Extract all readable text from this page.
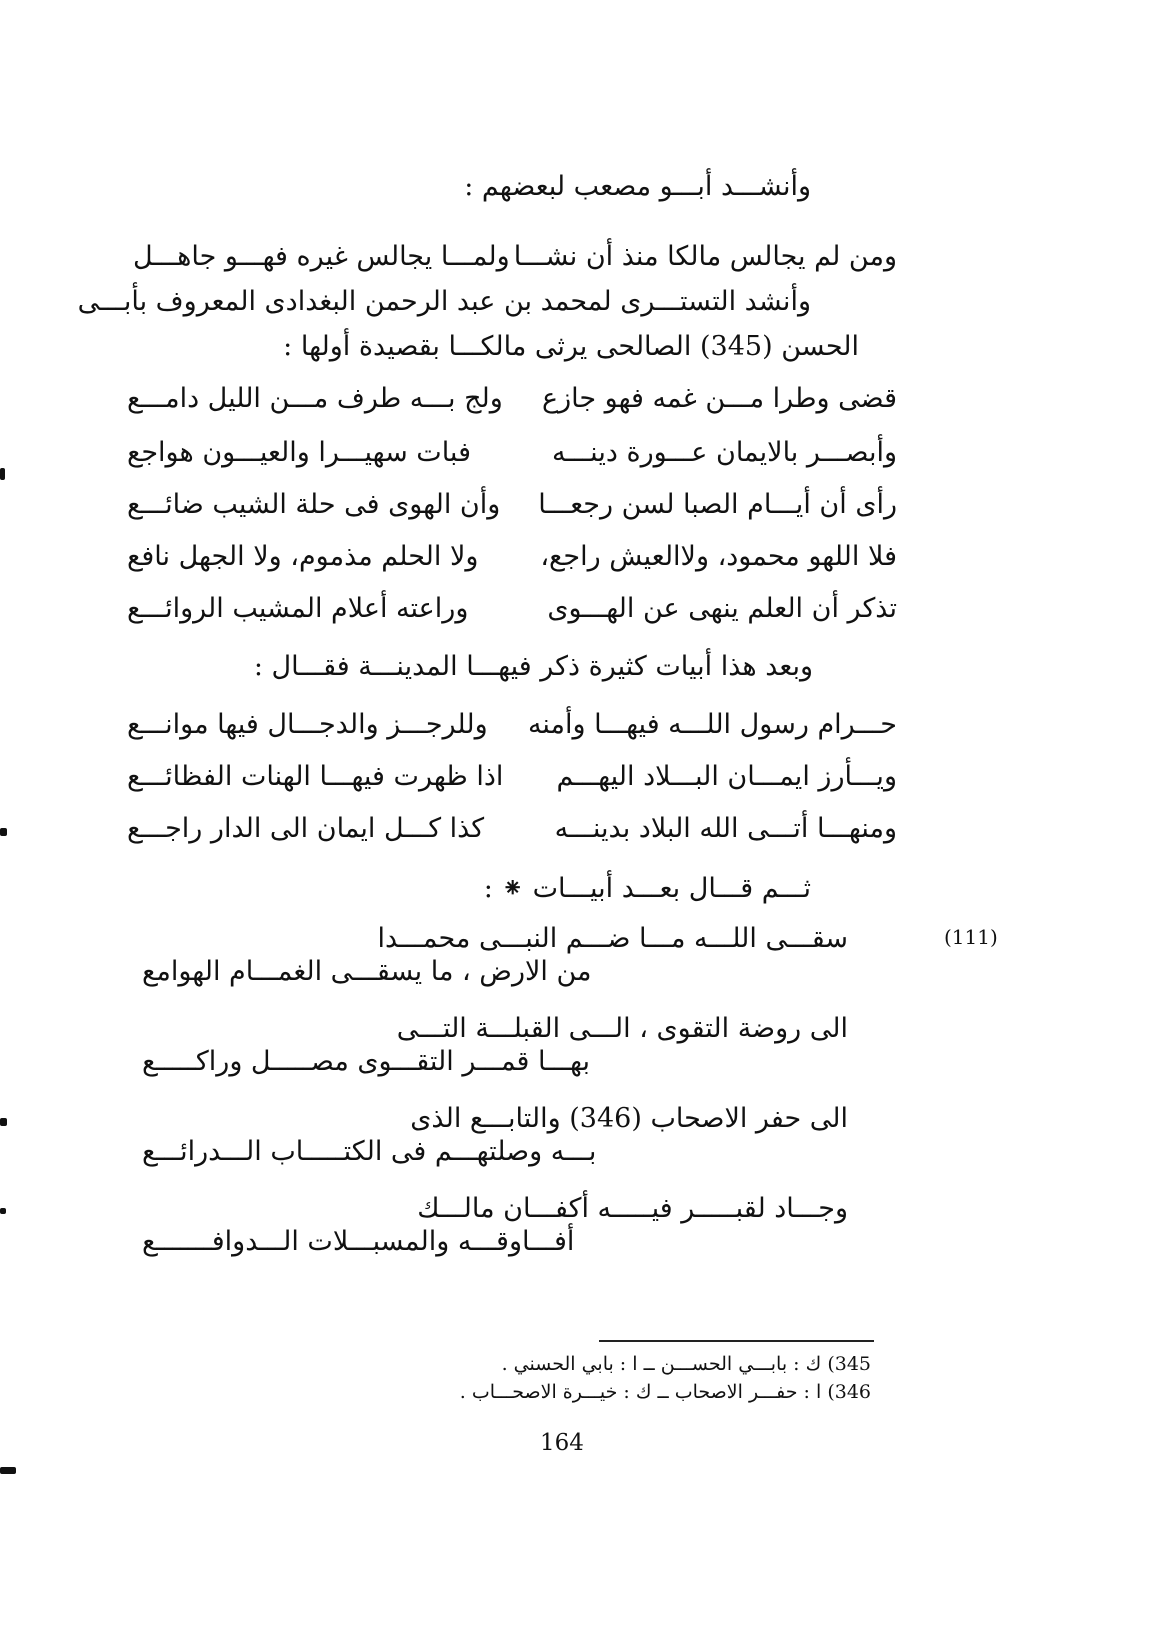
وأنشـــد أبـــو مصعب لبعضهم :
ومن لم يجالس مالكا منذ أن نشـــا
ولمـــا يجالس غيره فهـــو جاهـــل
وأنشد التستـــرى لمحمد بن عبد الرحمن البغدادى المعروف بأبـــى
الحسن (345) الصالحى يرثى مالكـــا بقصيدة أولها :
قضى وطرا مـــن غمه فهو جازع
ولج بـــه طرف مـــن الليل دامـــع
وأبصـــر بالايمان عـــورة دينـــه
فبات سهيـــرا والعيـــون هواجع
رأى أن أيـــام الصبا لسن رجعـــا
وأن الهوى فى حلة الشيب ضائـــع
فلا اللهو محمود، ولاالعيش راجع،
ولا الحلم مذموم، ولا الجهل نافع
تذكر أن العلم ينهى عن الهـــوى
وراعته أعلام المشيب الروائـــع
وبعد هذا أبيات كثيرة ذكر فيهـــا المدينـــة فقـــال :
حـــرام رسول اللـــه فيهـــا وأمنه
وللرجـــز والدجـــال فيها موانـــع
ويـــأرز ايمـــان البـــلاد اليهـــم
اذا ظهرت فيهـــا الهنات الفظائـــع
ومنهـــا أتـــى الله البلاد بدينـــه
كذا كـــل ايمان الى الدار راجـــع
(111)
ثـــم قـــال بعـــد أبيـــات ⁕ :
سقـــى اللـــه مـــا ضـــم النبـــى محمـــدا
من الارض ، ما يسقـــى الغمـــام الهوامع
الى روضة التقوى ، الـــى القبلـــة التـــى
بهـــا قمـــر التقـــوى مصـــــل وراكـــــع
الى حفر الاصحاب (346) والتابـــع الذى
بـــه وصلتهـــم فى الكتـــــاب الـــدرائـــع
وجـــاد لقبـــــر فيـــــه أكفـــان مالـــك
أفـــاوقـــه والمسبـــلات الـــدوافـــــــع
345) ك : بابـــي الحســـن ــ ا : بابي الحسني .
346) ا : حفـــر الاصحاب ــ ك : خيـــرة الاصحـــاب .
164
